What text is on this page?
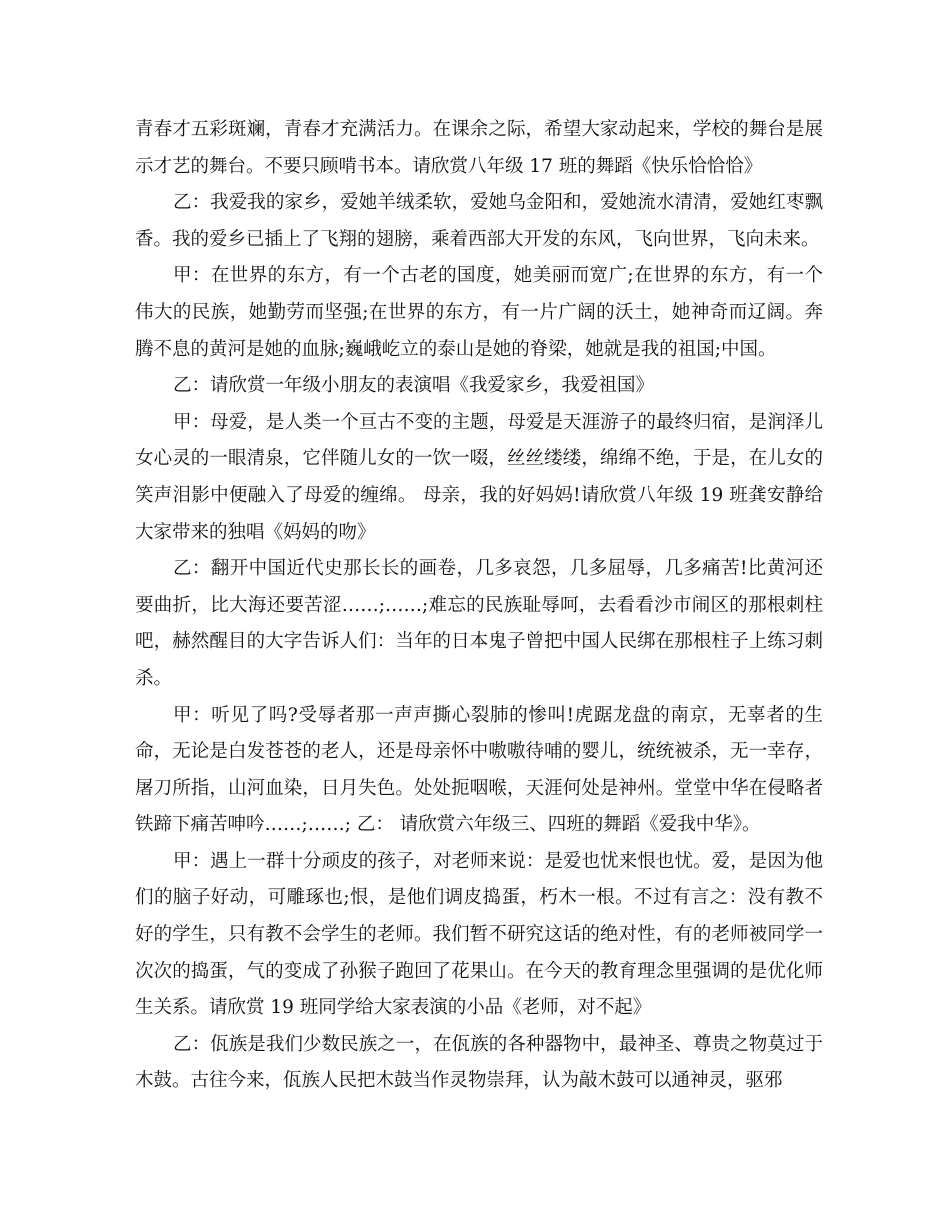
青春才五彩斑斓，青春才充满活力。在课余之际，希望大家动起来，学校的舞台是展示才艺的舞台。不要只顾啃书本。请欣赏八年级 17 班的舞蹈《快乐恰恰恰》

乙：我爱我的家乡，爱她羊绒柔软，爱她乌金阳和，爱她流水清清，爱她红枣飘香。我的爱乡已插上了飞翔的翅膀，乘着西部大开发的东风，飞向世界，飞向未来。

甲：在世界的东方，有一个古老的国度，她美丽而宽广;在世界的东方，有一个伟大的民族，她勤劳而坚强;在世界的东方，有一片广阔的沃土，她神奇而辽阔。奔腾不息的黄河是她的血脉;巍峨屹立的泰山是她的脊梁，她就是我的祖国;中国。

乙：请欣赏一年级小朋友的表演唱《我爱家乡，我爱祖国》

甲：母爱，是人类一个亘古不变的主题，母爱是天涯游子的最终归宿，是润泽儿女心灵的一眼清泉，它伴随儿女的一饮一啜，丝丝缕缕，绵绵不绝，于是，在儿女的笑声泪影中便融入了母爱的缠绵。 母亲，我的好妈妈!请欣赏八年级 19 班龚安静给大家带来的独唱《妈妈的吻》

乙：翻开中国近代史那长长的画卷，几多哀怨，几多屈辱，几多痛苦!比黄河还要曲折，比大海还要苦涩……;……;难忘的民族耻辱呵，去看看沙市闹区的那根刺柱吧，赫然醒目的大字告诉人们：当年的日本鬼子曾把中国人民绑在那根柱子上练习刺杀。

甲：听见了吗?受辱者那一声声撕心裂肺的惨叫!虎踞龙盘的南京，无辜者的生命，无论是白发苍苍的老人，还是母亲怀中嗷嗷待哺的婴儿，统统被杀，无一幸存，屠刀所指，山河血染，日月失色。处处扼咽喉，天涯何处是神州。堂堂中华在侵略者铁蹄下痛苦呻吟……;……; 乙： 请欣赏六年级三、四班的舞蹈《爱我中华》。

甲：遇上一群十分顽皮的孩子，对老师来说：是爱也忧来恨也忧。爱，是因为他们的脑子好动，可雕琢也;恨，是他们调皮捣蛋，朽木一根。不过有言之：没有教不好的学生，只有教不会学生的老师。我们暂不研究这话的绝对性，有的老师被同学一次次的捣蛋，气的变成了孙猴子跑回了花果山。在今天的教育理念里强调的是优化师生关系。请欣赏 19 班同学给大家表演的小品《老师，对不起》

乙：佤族是我们少数民族之一，在佤族的各种器物中，最神圣、尊贵之物莫过于木鼓。古往今来，佤族人民把木鼓当作灵物崇拜，认为敲木鼓可以通神灵，驱邪
